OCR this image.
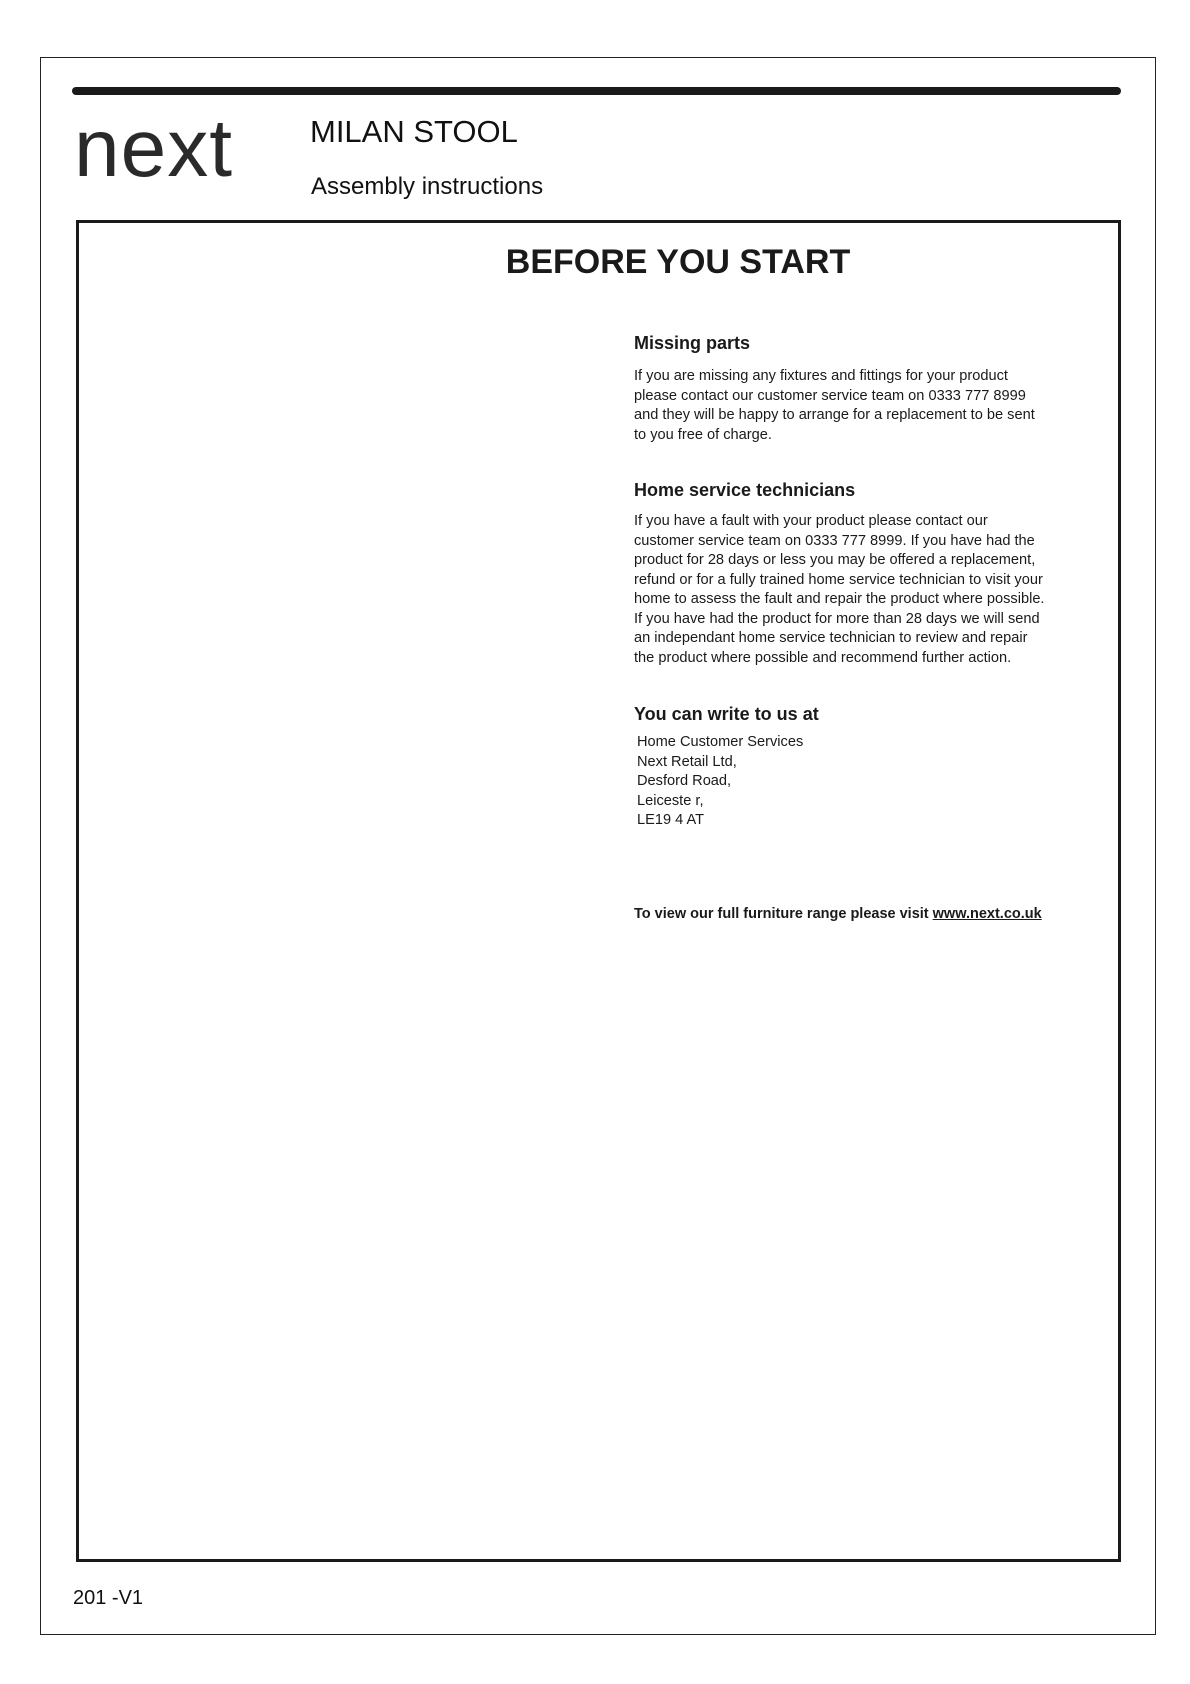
next MILAN STOOL
Assembly instructions
BEFORE YOU START

Missing parts

If you are missing any fixtures and fittings for your product
please contact our customer service team on 0333 777 8999
and they will be happy to arrange for a replacement to be sent
to you free of charge.

Home service technicians

If you have a fault with your product please contact our
customer service team on 0333 777 8999. If you have had the
product for 28 days or less you may be offered a replacement,
refund or for a fully trained home service technician to visit your
home to assess the fault and repair the product where possible.
If you have had the product for more than 28 days we will send
an independant home service technician to review and repair
the product where possible and recommend further action.

You can write to us at

Home Customer Services
Next Retail Ltd,
Desford Road,
Leiceste r,
LE19 4 AT
To view our full furniture range please visit www.next.co.uk
201 -V1
